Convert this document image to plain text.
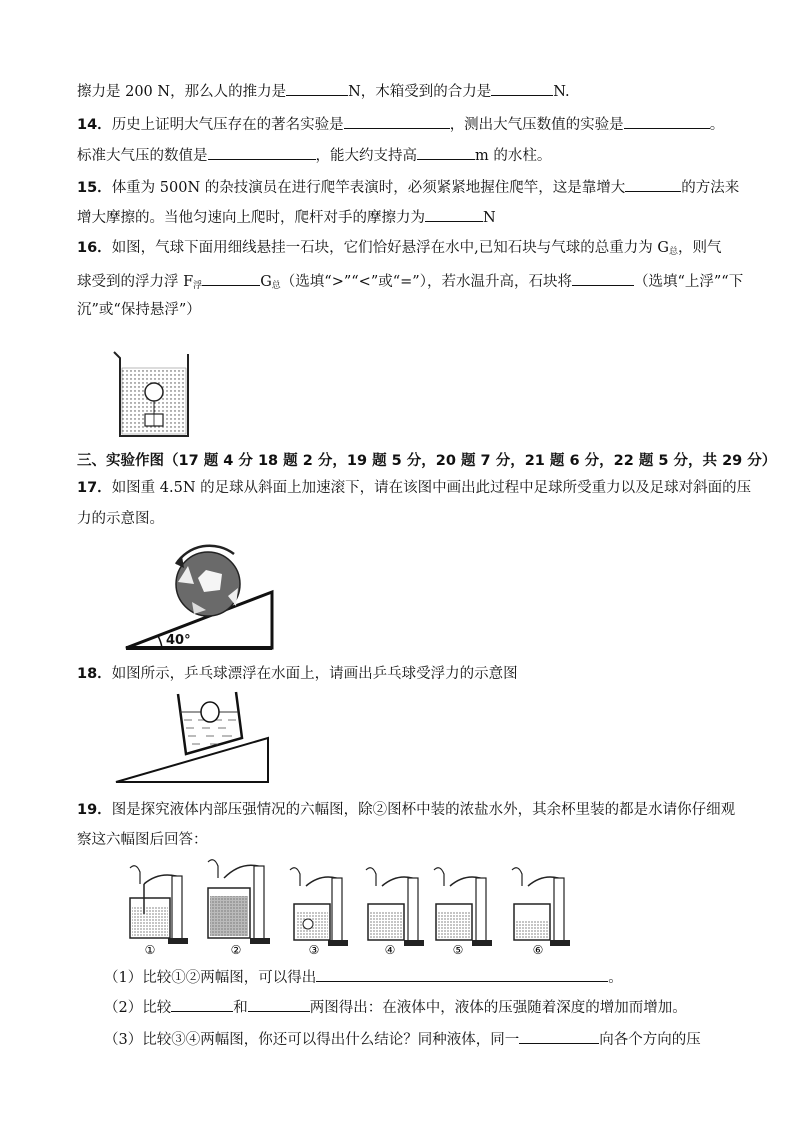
擦力是 200 N，那么人的推力是	N，木箱受到的合力是	N.
14．历史上证明大气压存在的著名实验是	，测出大气压数值的实验是	。
标准大气压的数值是	，能大约支持高	m 的水柱。
15．体重为 500N 的杂技演员在进行爬竿表演时，必须紧紧地握住爬竿，这是靠增大	的方法来
增大摩擦的。当他匀速向上爬时，爬杆对手的摩擦力为	N
16．如图，气球下面用细线悬挂一石块，它们恰好悬浮在水中,已知石块与气球的总重力为 $G_总$，则气
球受到的浮力浮 $F_浮$	$G_总$（选填“>”“<”或“=”），若水温升高，石块将	（选填“上浮”“下
沉”或“保持悬浮”）
三、实验作图（17 题 4 分 18 题 2 分，19 题 5 分，20 题 7 分，21 题 6 分，22 题 5 分，共 29 分）
17．如图重 4.5N 的足球从斜面上加速滚下，请在该图中画出此过程中足球所受重力以及足球对斜面的压
力的示意图。
40°
18．如图所示，乒乓球漂浮在水面上，请画出乒乓球受浮力的示意图
19．图是探究液体内部压强情况的六幅图，除②图杯中装的浓盐水外，其余杯里装的都是水请你仔细观
察这六幅图后回答：
①	②	③	④	⑤	⑥
（1）比较①②两幅图，可以得出	。
（2）比较	和	两图得出：在液体中，液体的压强随着深度的增加而增加。
（3）比较③④两幅图，你还可以得出什么结论？同种液体，同一	向各个方向的压
